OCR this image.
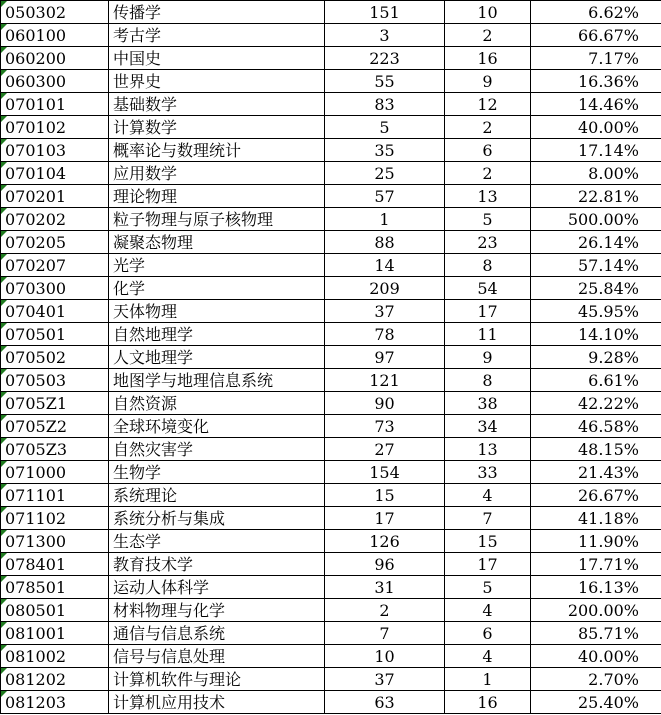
050302	传播学	151	10	6.62%

060100	考古学	3	2	66.67%

060200	中国史	223	16	7.17%

060300	世界史	55	9	16.36%

070101	基础数学	83	12	14.46%

070102	计算数学	5	2	40.00%

070103	概率论与数理统计	35	6	17.14%

070104	应用数学	25	2	8.00%

070201	理论物理	57	13	22.81%

070202	粒子物理与原子核物理	1	5	500.00%

070205	凝聚态物理	88	23	26.14%

070207	光学	14	8	57.14%

070300	化学	209	54	25.84%

070401	天体物理	37	17	45.95%

070501	自然地理学	78	11	14.10%

070502	人文地理学	97	9	9.28%

070503	地图学与地理信息系统	121	8	6.61%

0705Z1	自然资源	90	38	42.22%

0705Z2	全球环境变化	73	34	46.58%

0705Z3	自然灾害学	27	13	48.15%

071000	生物学	154	33	21.43%

071101	系统理论	15	4	26.67%

071102	系统分析与集成	17	7	41.18%

071300	生态学	126	15	11.90%

078401	教育技术学	96	17	17.71%

078501	运动人体科学	31	5	16.13%

080501	材料物理与化学	2	4	200.00%

081001	通信与信息系统	7	6	85.71%

081002	信号与信息处理	10	4	40.00%

081202	计算机软件与理论	37	1	2.70%

081203	计算机应用技术	63	16	25.40%
